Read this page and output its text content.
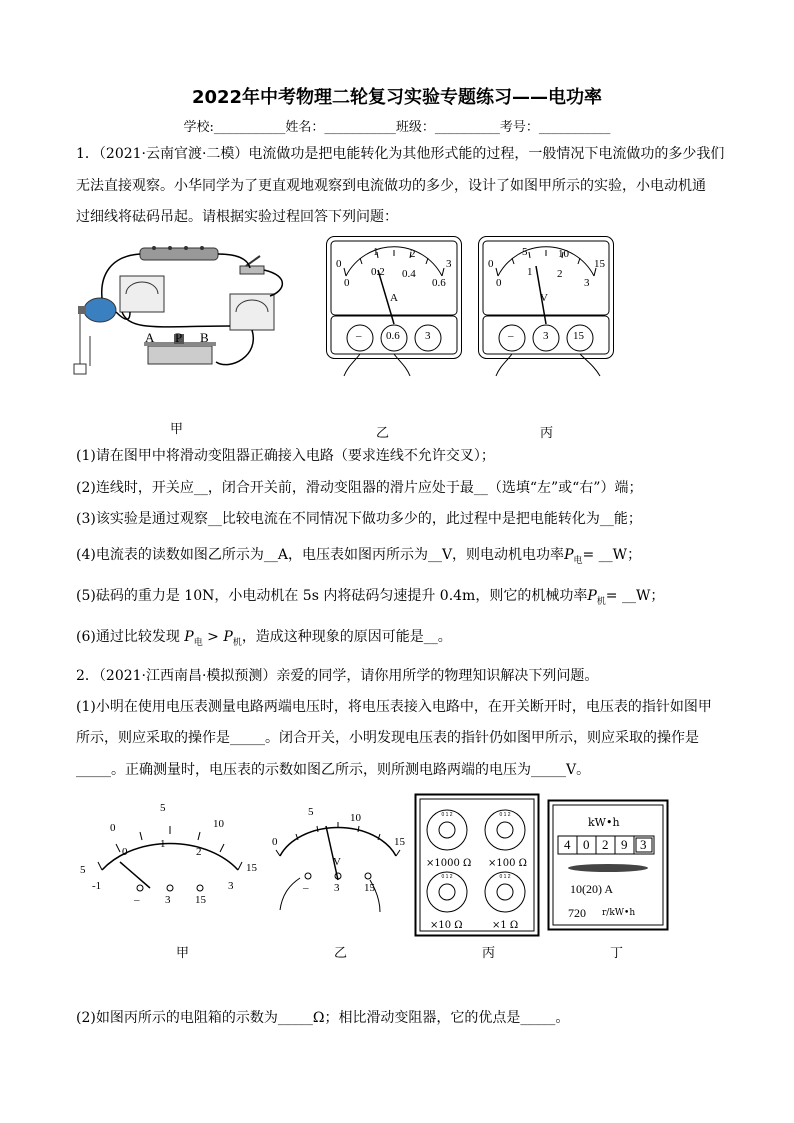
2022年中考物理二轮复习实验专题练习——电功率
学校:___________姓名：___________班级：__________考号：___________
1．（2021·云南官渡·二模）电流做功是把电能转化为其他形式能的过程，一般情况下电流做功的多少我们
无法直接观察。小华同学为了更直观地观察到电流做功的多少，设计了如图甲所示的实验，小电动机通
过细线将砝码吊起。请根据实验过程回答下列问题：
A P B
0
1	2
3
0
0.2 0.4
0.6
A
– 0.6 3
0
5	10
15
0
1 2
3
V
–	3 15
甲	乙	丙
(1)请在图甲中将滑动变阻器正确接入电路（要求连线不允许交叉）；
(2)连线时，开关应__，闭合开关前，滑动变阻器的滑片应处于最__（选填“左”或“右”）端；
(3)该实验是通过观察__比较电流在不同情况下做功多少的，此过程中是把电能转化为__能；
(4)电流表的读数如图乙所示为__A，电压表如图丙所示为__V，则电动机电功率$P_电=$ __W；
(5)砝码的重力是 10N，小电动机在 5s 内将砝码匀速提升 0.4m，则它的机械功率$P_机=$ __W；
(6)通过比较发现 $P_电 > P_机$，造成这种现象的原因可能是__。
2．（2021·江西南昌·模拟预测）亲爱的同学，请你用所学的物理知识解决下列问题。
(1)小明在使用电压表测量电路两端电压时，将电压表接入电路中，在开关断开时，电压表的指针如图甲
所示，则应采取的操作是_____。闭合开关，小明发现电压表的指针仍如图甲所示，则应采取的操作是
_____。正确测量时，电压表的示数如图乙所示，则所测电路两端的电压为_____V。
5
0
5
10
15
-1
0
1
2
3
– 3 15
0
5	10
15
V
– 3 15
0 1 2	0 1 2
0 1 2	0 1 2
×1000 Ω ×100 Ω
×10 Ω	×1 Ω
kW•h
4 0 2 9 3
10(20) A
720 r/kW•h
甲	乙	丙	丁
(2)如图丙所示的电阻箱的示数为_____Ω；相比滑动变阻器，它的优点是_____。
